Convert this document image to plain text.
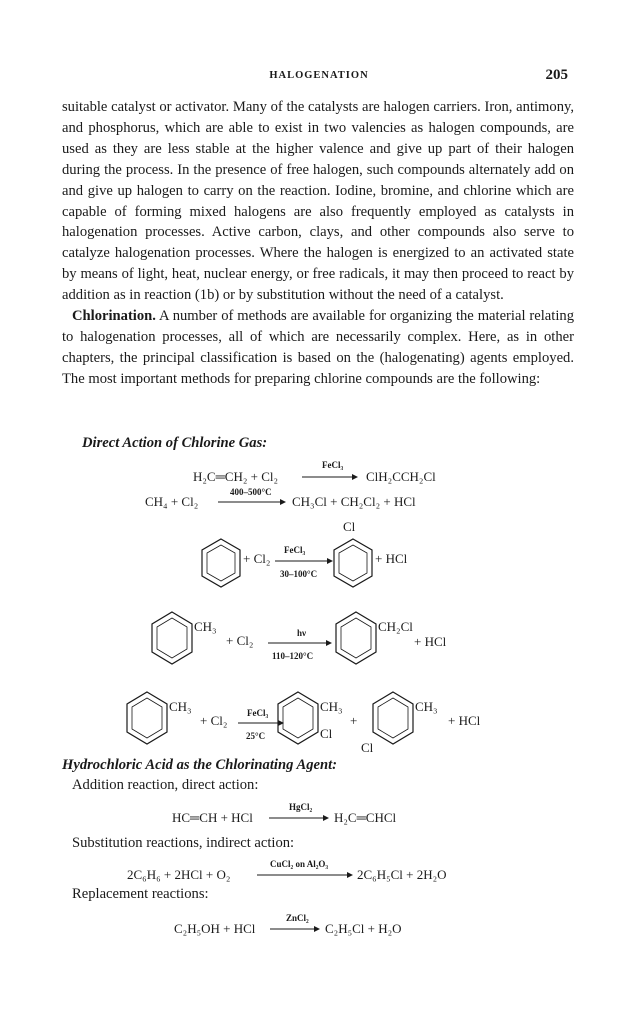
HALOGENATION	205

suitable catalyst or activator. Many of the catalysts are halogen carriers. Iron, antimony, and phosphorus, which are able to exist in two valencies as halogen compounds, are used as they are less stable at the higher valence and give up part of their halogen during the process. In the presence of free halogen, such compounds alternately add on and give up halogen to carry on the reaction. Iodine, bromine, and chlorine which are capable of forming mixed halogens are also frequently employed as catalysts in halogenation processes. Active carbon, clays, and other compounds also serve to catalyze halogenation processes. Where the halogen is energized to an activated state by means of light, heat, nuclear energy, or free radicals, it may then proceed to react by addition as in reaction (1b) or by substitution without the need of a catalyst.

Chlorination. A number of methods are available for organizing the material relating to halogenation processes, all of which are necessarily complex. Here, as in other chapters, the principal classification is based on the (halogenating) agents employed. The most important methods for preparing chlorine compounds are the following:

Direct Action of Chlorine Gas:
FeCl₃
H₂C═CH₂ + Cl₂ → ClH₂CCH₂Cl
400–500°C
CH₄ + Cl₂	CH₃Cl + CH₂Cl₂ + HCl
+ Cl₂
FeCl₃
30–100°C
Cl
+ HCl
CH₃
+ Cl₂	hν
110–120°C
CH₂Cl
+ HCl
CH₃
+ Cl₂ FeCl₃
25°C
CH₃
Cl
+
Cl
CH₃
+ HCl
Hydrochloric Acid as the Chlorinating Agent:
Addition reaction, direct action:
HgCl₂
HC═CH + HCl → H₂C═CHCl
Substitution reactions, indirect action:
CuCl₂ on Al₂O₃
2C₆H₆ + 2HCl + O₂	2C₆H₅Cl + 2H₂O
Replacement reactions:
ZnCl₂
C₂H₅OH + HCl → C₂H₅Cl + H₂O
